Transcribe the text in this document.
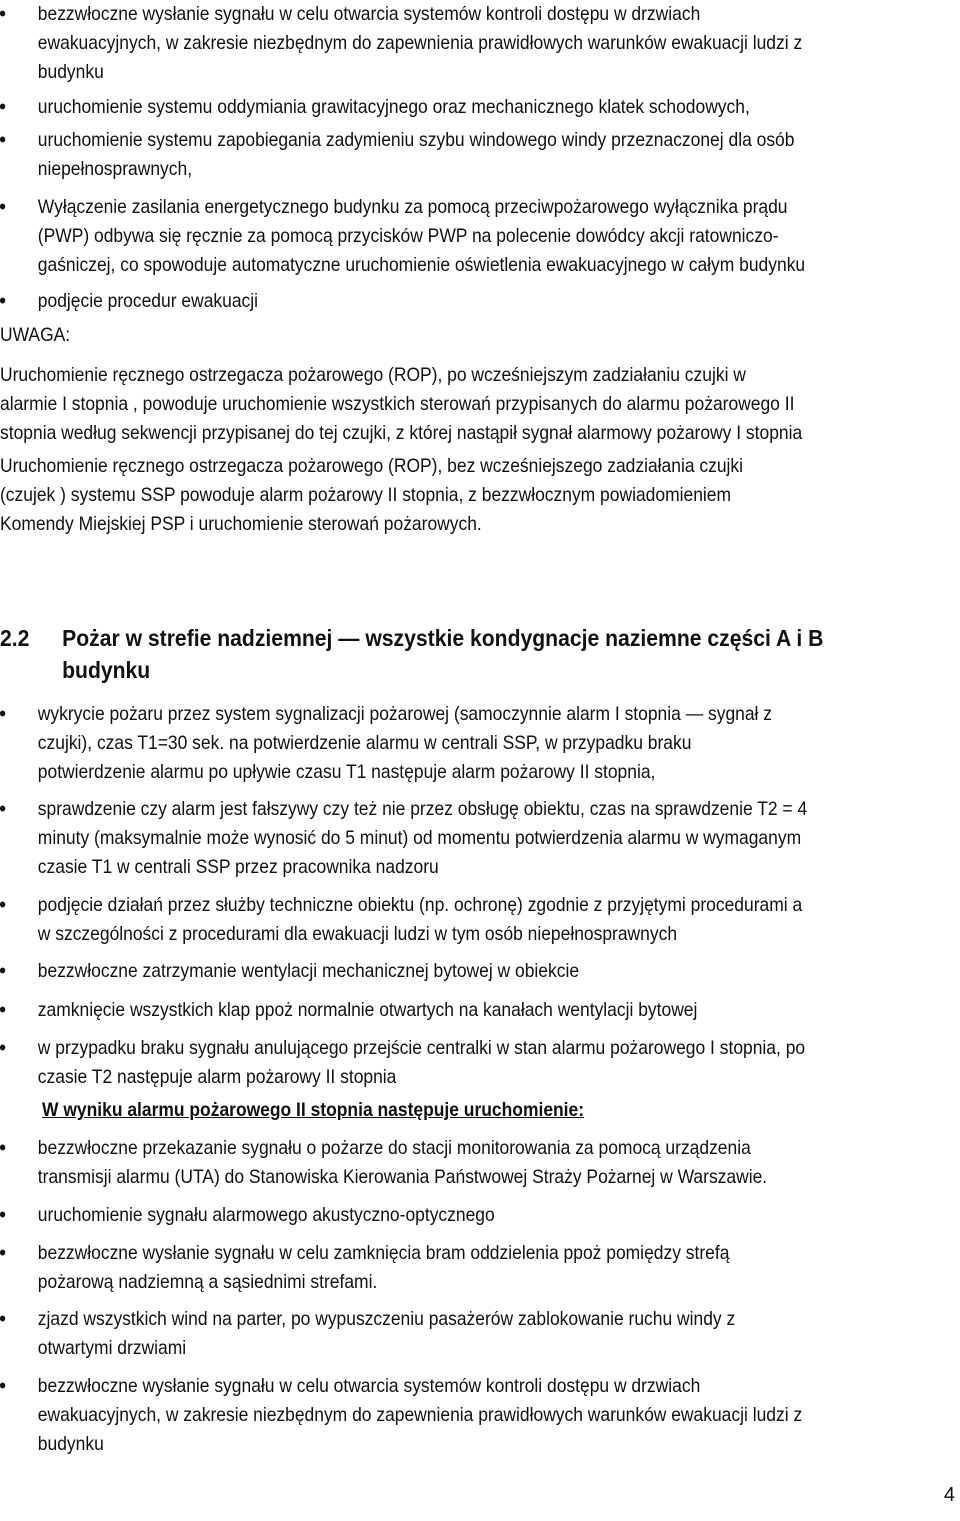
bezzwłoczne wysłanie sygnału w celu otwarcia systemów kontroli dostępu w drzwiach
ewakuacyjnych, w zakresie niezbędnym do zapewnienia prawidłowych warunków ewakuacji ludzi z
budynku
uruchomienie systemu oddymiania grawitacyjnego oraz mechanicznego klatek schodowych,
uruchomienie systemu zapobiegania zadymieniu szybu windowego windy przeznaczonej dla osób
niepełnosprawnych,
Wyłączenie zasilania energetycznego budynku za pomocą przeciwpożarowego wyłącznika prądu
(PWP) odbywa się ręcznie za pomocą przycisków PWP na polecenie dowódcy akcji ratowniczo-
gaśniczej, co spowoduje automatyczne uruchomienie oświetlenia ewakuacyjnego w całym budynku
podjęcie procedur ewakuacji
UWAGA:
Uruchomienie ręcznego ostrzegacza pożarowego (ROP), po wcześniejszym zadziałaniu czujki w
alarmie I stopnia , powoduje uruchomienie wszystkich sterowań przypisanych do alarmu pożarowego II
stopnia według sekwencji przypisanej do tej czujki, z której nastąpił sygnał alarmowy pożarowy I stopnia
Uruchomienie ręcznego ostrzegacza pożarowego (ROP), bez wcześniejszego zadziałania czujki
(czujek ) systemu SSP powoduje alarm pożarowy II stopnia, z bezzwłocznym powiadomieniem
Komendy Miejskiej PSP i uruchomienie sterowań pożarowych.
2.2 Pożar w strefie nadziemnej — wszystkie kondygnacje naziemne części A i B
budynku
wykrycie pożaru przez system sygnalizacji pożarowej (samoczynnie alarm I stopnia — sygnał z
czujki), czas T1=30 sek. na potwierdzenie alarmu w centrali SSP, w przypadku braku
potwierdzenie alarmu po upływie czasu T1 następuje alarm pożarowy II stopnia,
sprawdzenie czy alarm jest fałszywy czy też nie przez obsługę obiektu, czas na sprawdzenie T2 = 4
minuty (maksymalnie może wynosić do 5 minut) od momentu potwierdzenia alarmu w wymaganym
czasie T1 w centrali SSP przez pracownika nadzoru
podjęcie działań przez służby techniczne obiektu (np. ochronę) zgodnie z przyjętymi procedurami a
w szczególności z procedurami dla ewakuacji ludzi w tym osób niepełnosprawnych
bezzwłoczne zatrzymanie wentylacji mechanicznej bytowej w obiekcie
zamknięcie wszystkich klap ppoż normalnie otwartych na kanałach wentylacji bytowej
w przypadku braku sygnału anulującego przejście centralki w stan alarmu pożarowego I stopnia, po
czasie T2 następuje alarm pożarowy II stopnia
W wyniku alarmu pożarowego II stopnia następuje uruchomienie:
bezzwłoczne przekazanie sygnału o pożarze do stacji monitorowania za pomocą urządzenia
transmisji alarmu (UTA) do Stanowiska Kierowania Państwowej Straży Pożarnej w Warszawie.
uruchomienie sygnału alarmowego akustyczno-optycznego
bezzwłoczne wysłanie sygnału w celu zamknięcia bram oddzielenia ppoż pomiędzy strefą
pożarową nadziemną a sąsiednimi strefami.
zjazd wszystkich wind na parter, po wypuszczeniu pasażerów zablokowanie ruchu windy z
otwartymi drzwiami
bezzwłoczne wysłanie sygnału w celu otwarcia systemów kontroli dostępu w drzwiach
ewakuacyjnych, w zakresie niezbędnym do zapewnienia prawidłowych warunków ewakuacji ludzi z
budynku
4
